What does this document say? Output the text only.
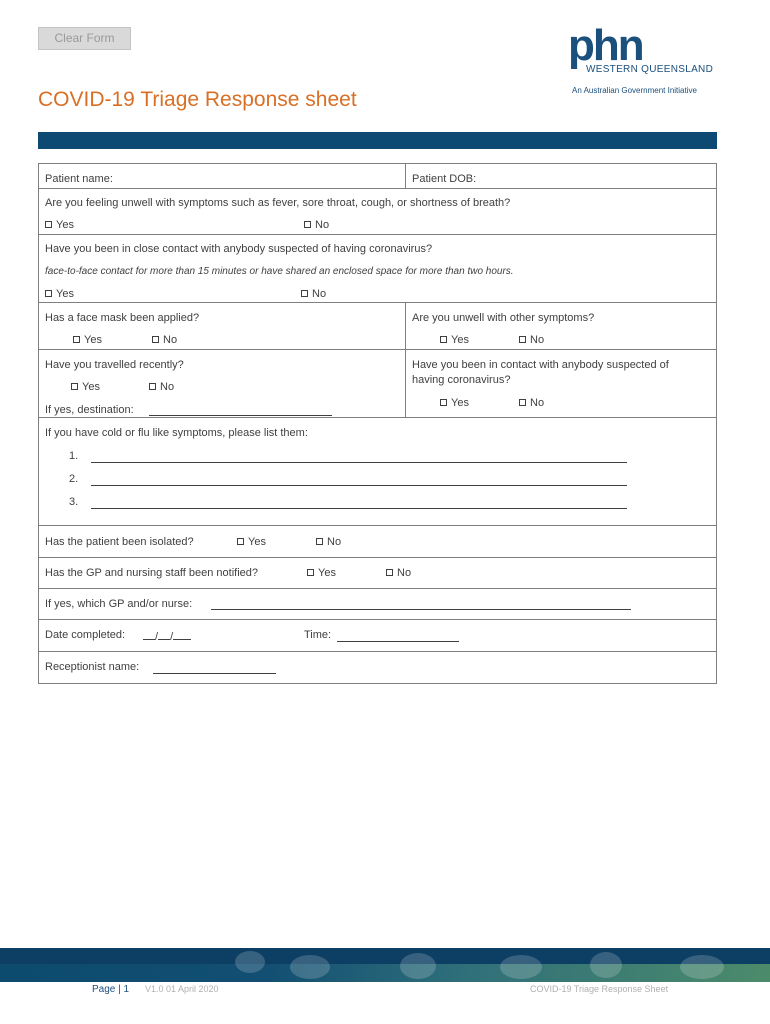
Clear Form	phn
WESTERN QUEENSLAND
An Australian Government Initiative
COVID-19 Triage Response sheet
Patient name:	Patient DOB:
Are you feeling unwell with symptoms such as fever, sore throat, cough, or shortness of breath?
Yes	No
Have you been in close contact with anybody suspected of having coronavirus?
face-to-face contact for more than 15 minutes or have shared an enclosed space for more than two hours.
Yes	No
Has a face mask been applied?
Yes	No
Are you unwell with other symptoms?
Yes	No
Have you travelled recently?
Yes	No
If yes, destination:
Have you been in contact with anybody suspected of
having coronavirus?
Yes	No
If you have cold or flu like symptoms, please list them:
1.
2.
3.
Has the patient been isolated?	Yes	No
Has the GP and nursing staff been notified?	Yes	No
If yes, which GP and/or nurse:
Date completed:	/ /	Time:
Receptionist name:
Page | 1 V1.0 01 April 2020	COVID-19 Triage Response Sheet
